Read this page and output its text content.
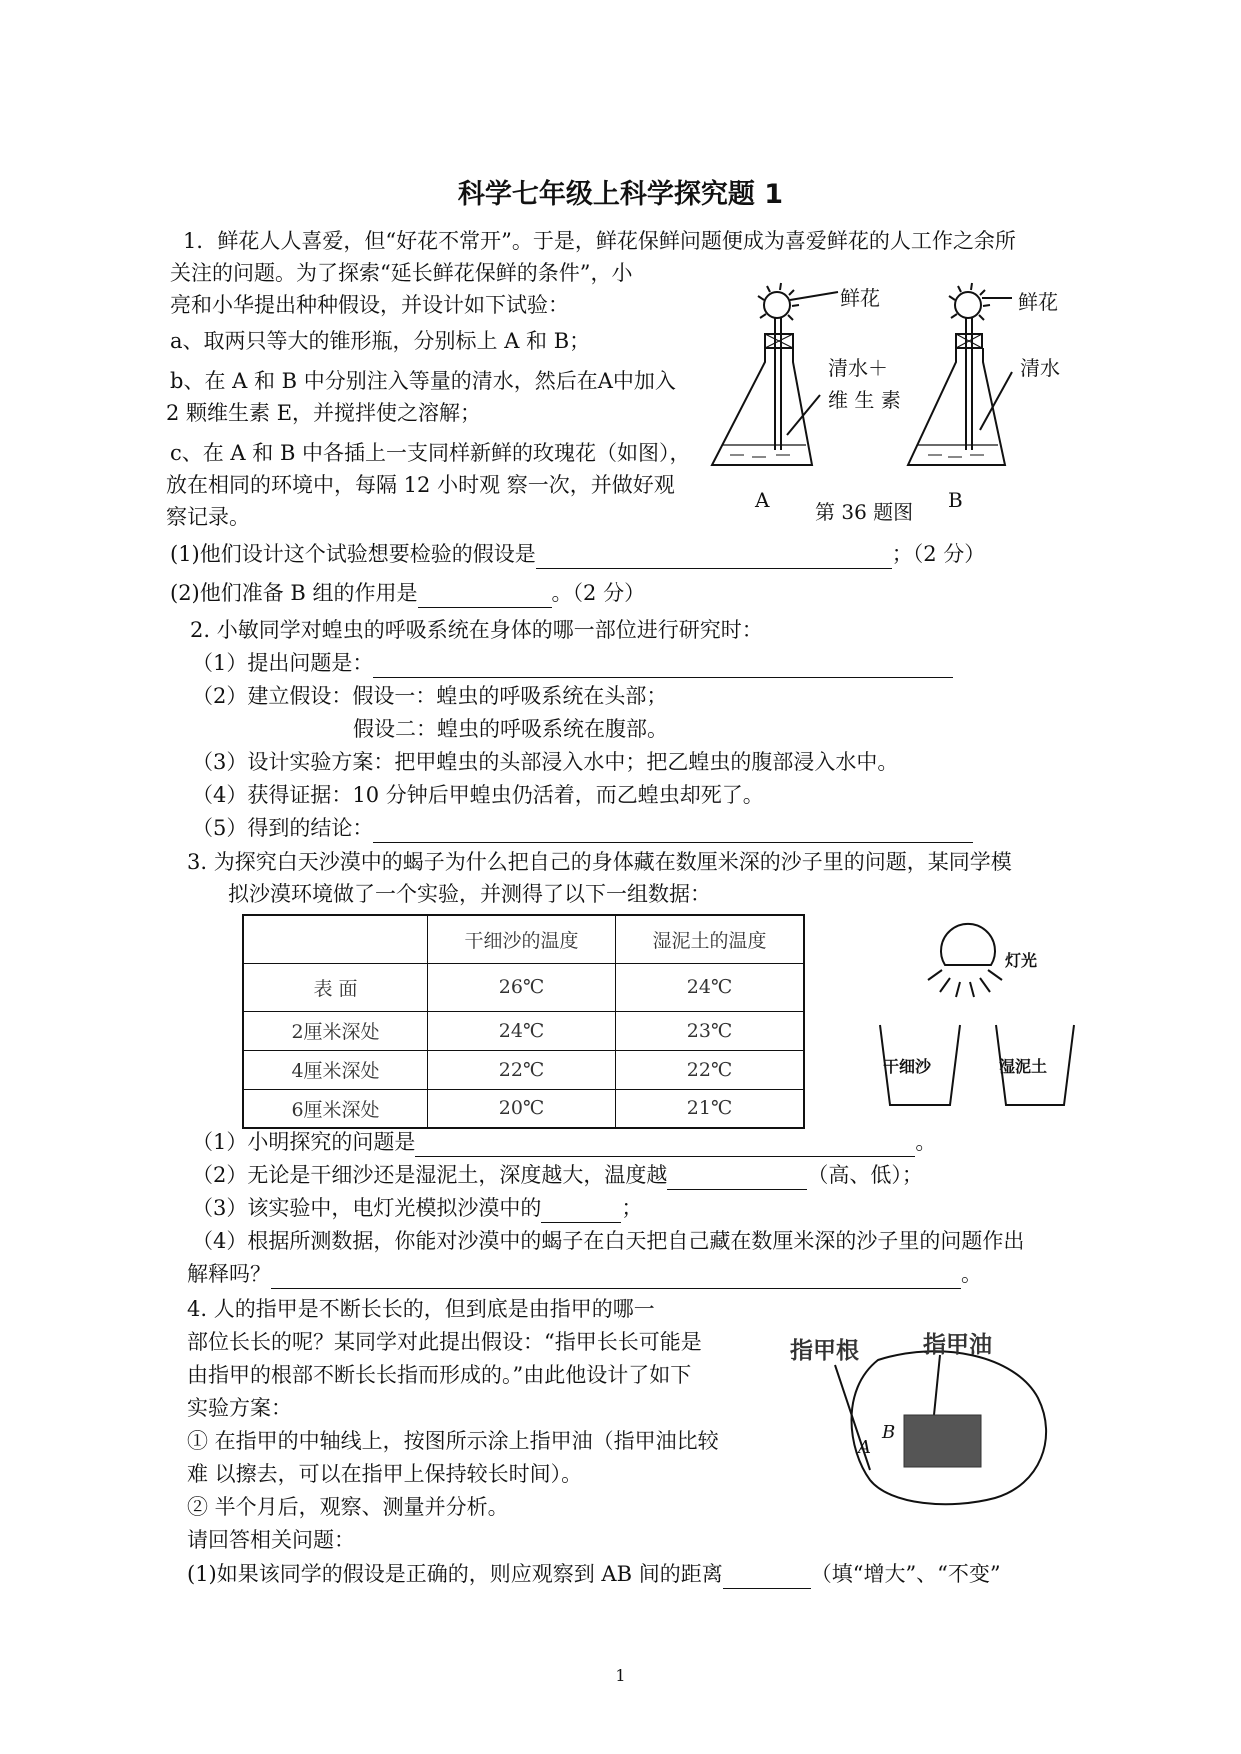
科学七年级上科学探究题 1
1．鲜花人人喜爱，但“好花不常开”。于是，鲜花保鲜问题便成为喜爱鲜花的人工作之余所
关注的问题。为了探索“延长鲜花保鲜的条件”，小
亮和小华提出种种假设，并设计如下试验：
a、取两只等大的锥形瓶，分别标上 A 和 B；
b、在 A 和 B 中分别注入等量的清水，然后在A中加入
2 颗维生素 E，并搅拌使之溶解；
c、在 A 和 B 中各插上一支同样新鲜的玫瑰花（如图），
放在相同的环境中，每隔 12 小时观 察一次，并做好观
察记录。
鲜花	鲜花
清水＋
维 生 素
清水
A	B
第 36 题图
(1)他们设计这个试验想要检验的假设是	；（2 分）
(2)他们准备 B 组的作用是	。（2 分）
2. 小敏同学对蝗虫的呼吸系统在身体的哪一部位进行研究时：
（1）提出问题是：
（2）建立假设：假设一：蝗虫的呼吸系统在头部；
假设二：蝗虫的呼吸系统在腹部。
（3）设计实验方案：把甲蝗虫的头部浸入水中；把乙蝗虫的腹部浸入水中。
（4）获得证据：10 分钟后甲蝗虫仍活着，而乙蝗虫却死了。
（5）得到的结论：
3. 为探究白天沙漠中的蝎子为什么把自己的身体藏在数厘米深的沙子里的问题，某同学模
拟沙漠环境做了一个实验，并测得了以下一组数据：
	干细沙的温度	湿泥土的温度
表 面	26℃	24℃
2厘米深处	24℃	23℃
4厘米深处	22℃	22℃
6厘米深处	20℃	21℃
灯光
干细沙	湿泥土
（1）小明探究的问题是	。
（2）无论是干细沙还是湿泥土，深度越大，温度越	（高、低）；
（3）该实验中，电灯光模拟沙漠中的	；
（4）根据所测数据，你能对沙漠中的蝎子在白天把自己藏在数厘米深的沙子里的问题作出
解释吗？	。
4. 人的指甲是不断长长的，但到底是由指甲的哪一
部位长长的呢？某同学对此提出假设：“指甲长长可能是
由指甲的根部不断长长指而形成的。”由此他设计了如下
实验方案：
① 在指甲的中轴线上，按图所示涂上指甲油（指甲油比较
难 以擦去，可以在指甲上保持较长时间）。
② 半个月后，观察、测量并分析。
请回答相关问题：
(1)如果该同学的假设是正确的，则应观察到 AB 间的距离	（填“增大”、“不变”
指甲根	指甲油
A
B
1
